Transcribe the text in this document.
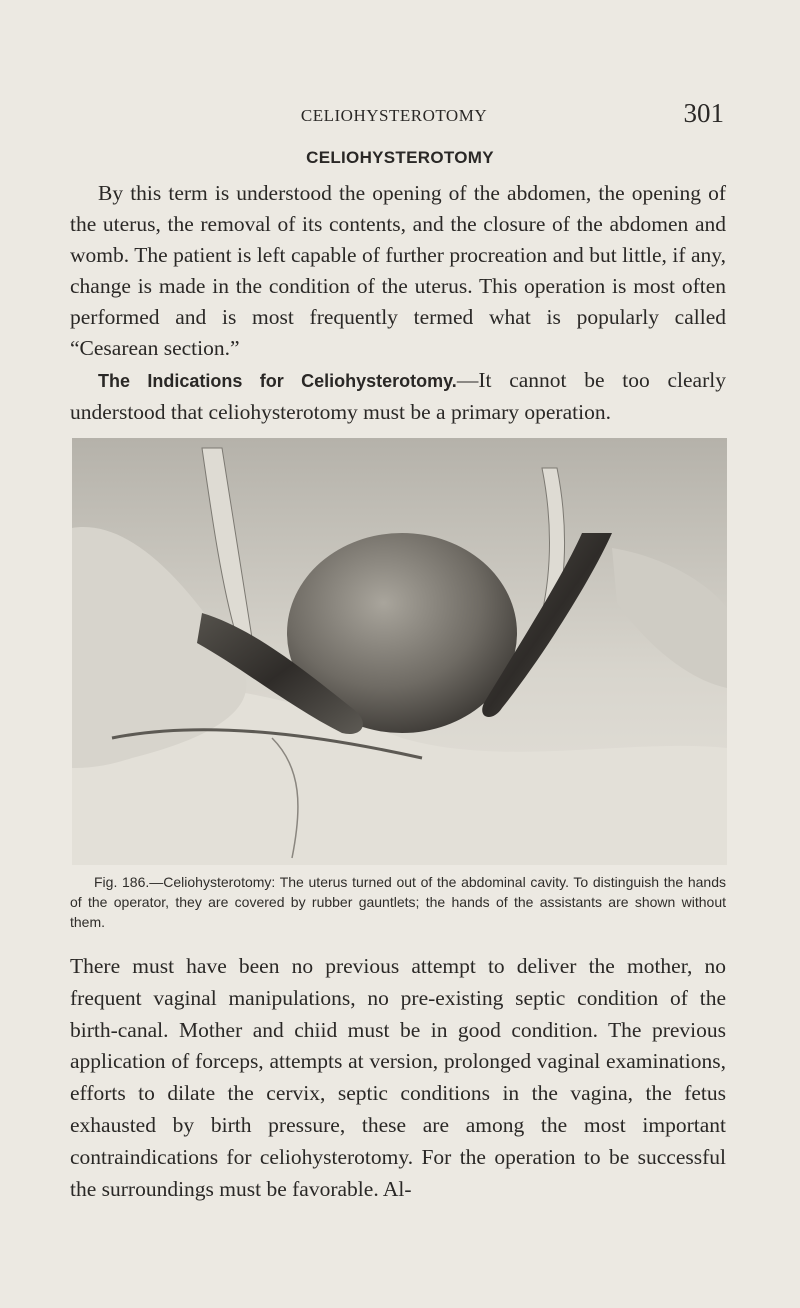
CELIOHYSTEROTOMY	301
CELIOHYSTEROTOMY

By this term is understood the opening of the abdomen, the opening of the uterus, the removal of its contents, and the closure of the abdomen and womb. The patient is left capable of further procreation and but little, if any, change is made in the condition of the uterus. This operation is most often performed and is most frequently termed what is popularly called “Cesarean section.”

The Indications for Celiohysterotomy.—It cannot be too clearly understood that celiohysterotomy must be a primary operation.

Fig. 186.—Celiohysterotomy: The uterus turned out of the abdominal cavity. To distinguish the hands of the operator, they are covered by rubber gauntlets; the hands of the assistants are shown without them.

There must have been no previous attempt to deliver the mother, no frequent vaginal manipulations, no pre-existing septic condition of the birth-canal. Mother and chiid must be in good condition. The previous application of forceps, attempts at version, prolonged vaginal examinations, efforts to dilate the cervix, septic conditions in the vagina, the fetus exhausted by birth pressure, these are among the most important contraindications for celiohysterotomy. For the operation to be successful the surroundings must be favorable. Al-
